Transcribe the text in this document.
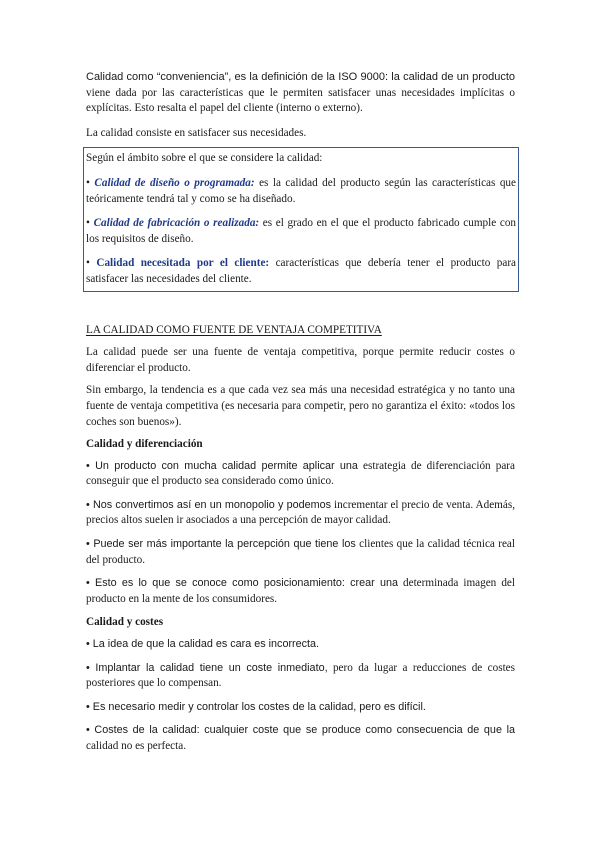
Calidad como “conveniencia”, es la definición de la ISO 9000: la calidad de un producto viene dada por las características que le permiten satisfacer unas necesidades implícitas o explícitas. Esto resalta el papel del cliente (interno o externo).

La calidad consiste en satisfacer sus necesidades.

Según el ámbito sobre el que se considere la calidad:

• Calidad de diseño o programada: es la calidad del producto según las características que teóricamente tendrá tal y como se ha diseñado.

• Calidad de fabricación o realizada: es el grado en el que el producto fabricado cumple con los requisitos de diseño.

• Calidad necesitada por el cliente: características que debería tener el producto para satisfacer las necesidades del cliente.

LA CALIDAD COMO FUENTE DE VENTAJA COMPETITIVA

La calidad puede ser una fuente de ventaja competitiva, porque permite reducir costes o diferenciar el producto.

Sin embargo, la tendencia es a que cada vez sea más una necesidad estratégica y no tanto una fuente de ventaja competitiva (es necesaria para competir, pero no garantiza el éxito: «todos los coches son buenos»).

Calidad y diferenciación

• Un producto con mucha calidad permite aplicar una estrategia de diferenciación para conseguir que el producto sea considerado como único.

• Nos convertimos así en un monopolio y podemos incrementar el precio de venta. Además, precios altos suelen ir asociados a una percepción de mayor calidad.

• Puede ser más importante la percepción que tiene los clientes que la calidad técnica real del producto.

• Esto es lo que se conoce como posicionamiento: crear una determinada imagen del producto en la mente de los consumidores.

Calidad y costes

• La idea de que la calidad es cara es incorrecta.

• Implantar la calidad tiene un coste inmediato, pero da lugar a reducciones de costes posteriores que lo compensan.

• Es necesario medir y controlar los costes de la calidad, pero es difícil.

• Costes de la calidad: cualquier coste que se produce como consecuencia de que la calidad no es perfecta.
